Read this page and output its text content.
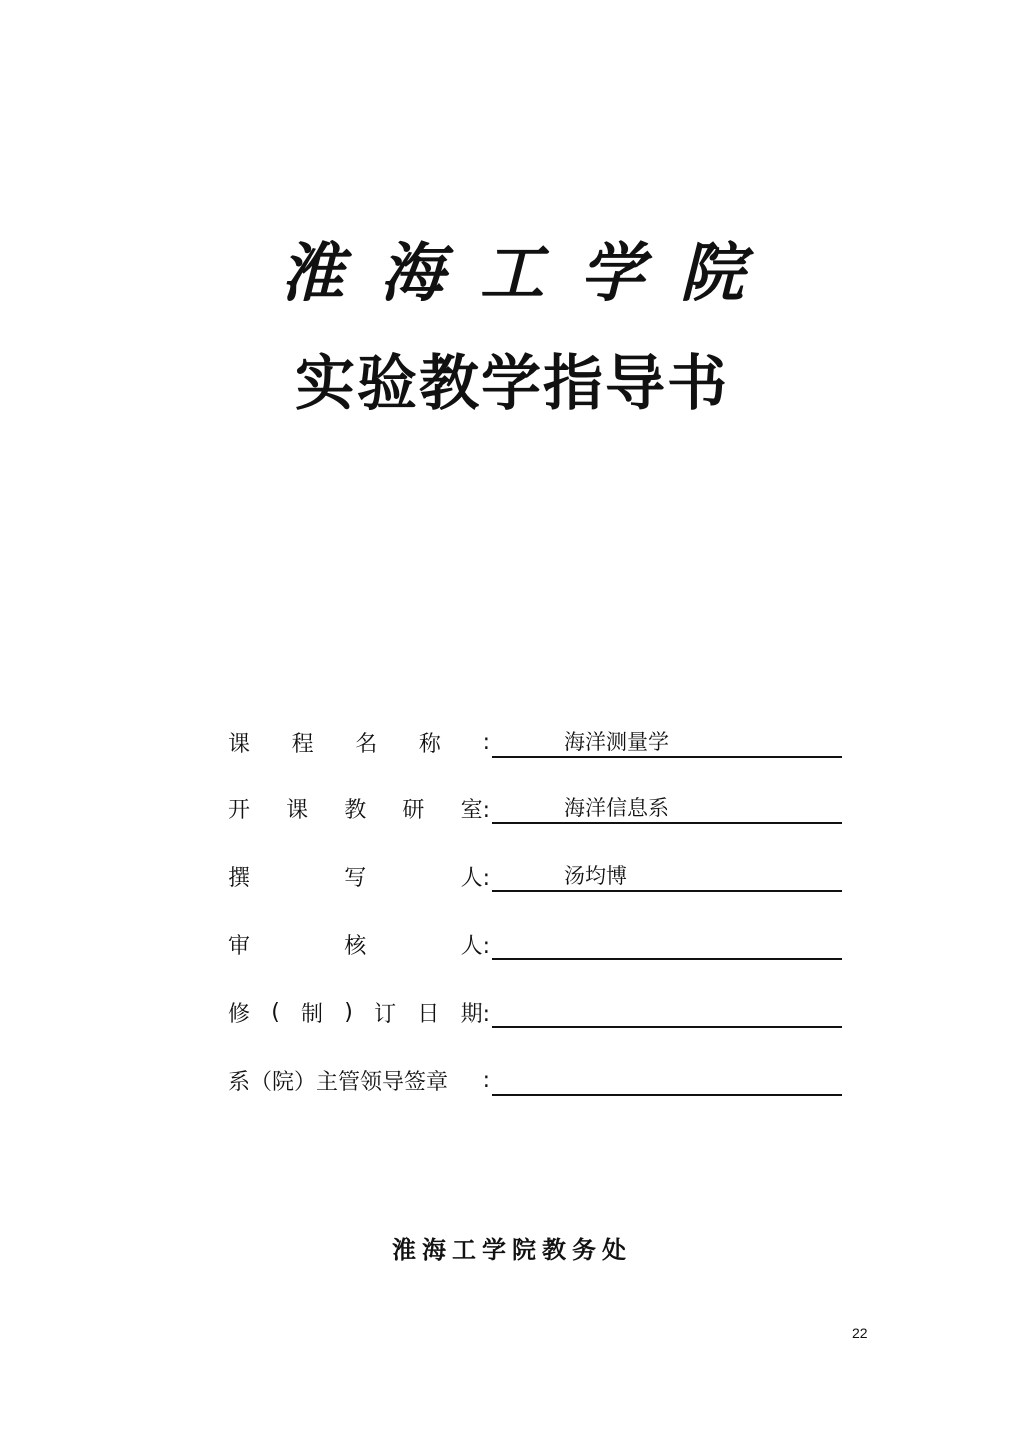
淮 海 工 学 院
实验教学指导书
课 程 名 称 :	海洋测量学
开 课 教 研 室:	海洋信息系
撰	写	人:	汤均博
审	核	人:
修 ( 制 ) 订 日 期:
系（院）主管领导签章 :
淮海工学院教务处
22
